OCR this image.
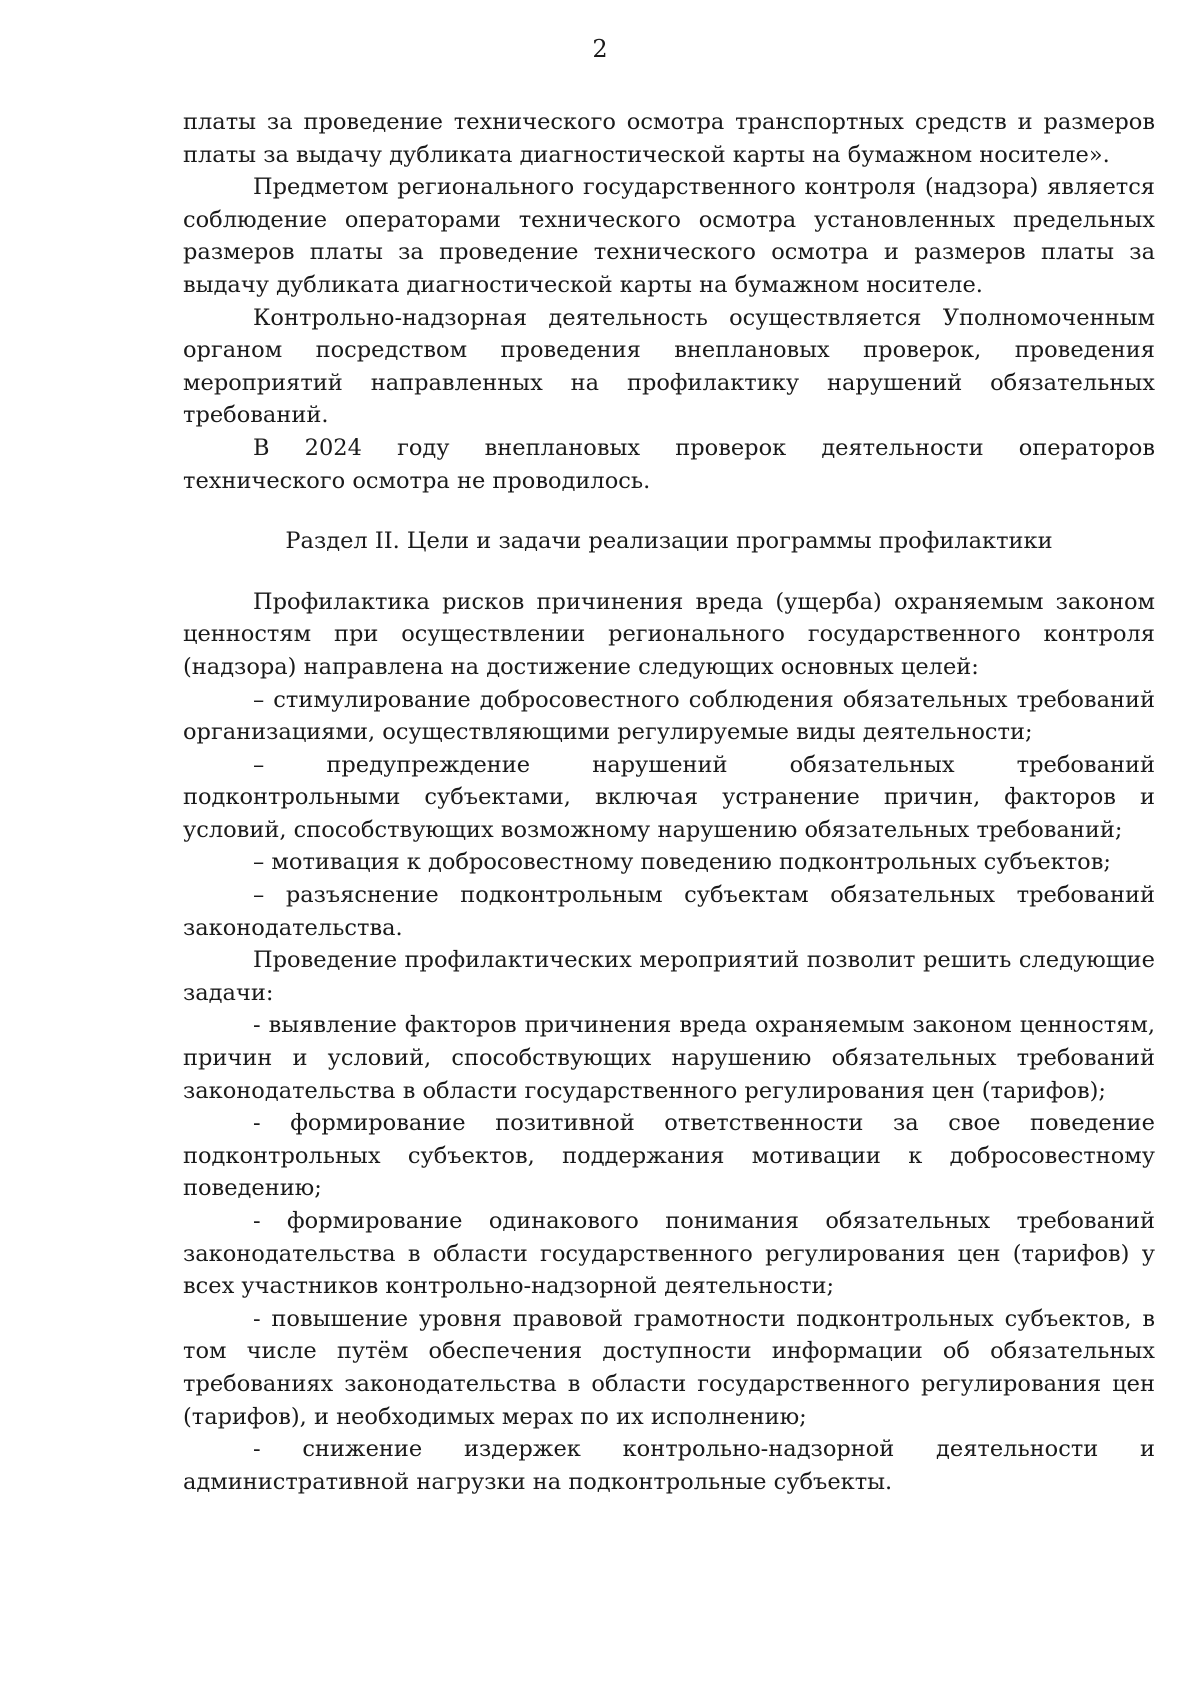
2

платы за проведение технического осмотра транспортных средств и размеров платы за выдачу дубликата диагностической карты на бумажном носителе».

Предметом регионального государственного контроля (надзора) является соблюдение операторами технического осмотра установленных предельных размеров платы за проведение технического осмотра и размеров платы за выдачу дубликата диагностической карты на бумажном носителе.

Контрольно-надзорная деятельность осуществляется Уполномоченным органом посредством проведения внеплановых проверок, проведения мероприятий направленных на профилактику нарушений обязательных требований.

В 2024 году внеплановых проверок деятельности операторов технического осмотра не проводилось.

Раздел II. Цели и задачи реализации программы профилактики

Профилактика рисков причинения вреда (ущерба) охраняемым законом ценностям при осуществлении регионального государственного контроля (надзора) направлена на достижение следующих основных целей:

– стимулирование добросовестного соблюдения обязательных требований организациями, осуществляющими регулируемые виды деятельности;

– предупреждение нарушений обязательных требований подконтрольными субъектами, включая устранение причин, факторов и условий, способствующих возможному нарушению обязательных требований;

– мотивация к добросовестному поведению подконтрольных субъектов;

– разъяснение подконтрольным субъектам обязательных требований законодательства.

Проведение профилактических мероприятий позволит решить следующие задачи:

- выявление факторов причинения вреда охраняемым законом ценностям, причин и условий, способствующих нарушению обязательных требований законодательства в области государственного регулирования цен (тарифов);

- формирование позитивной ответственности за свое поведение подконтрольных субъектов, поддержания мотивации к добросовестному поведению;

- формирование одинакового понимания обязательных требований законодательства в области государственного регулирования цен (тарифов) у всех участников контрольно-надзорной деятельности;

- повышение уровня правовой грамотности подконтрольных субъектов, в том числе путём обеспечения доступности информации об обязательных требованиях законодательства в области государственного регулирования цен (тарифов), и необходимых мерах по их исполнению;

- снижение издержек контрольно-надзорной деятельности и административной нагрузки на подконтрольные субъекты.
